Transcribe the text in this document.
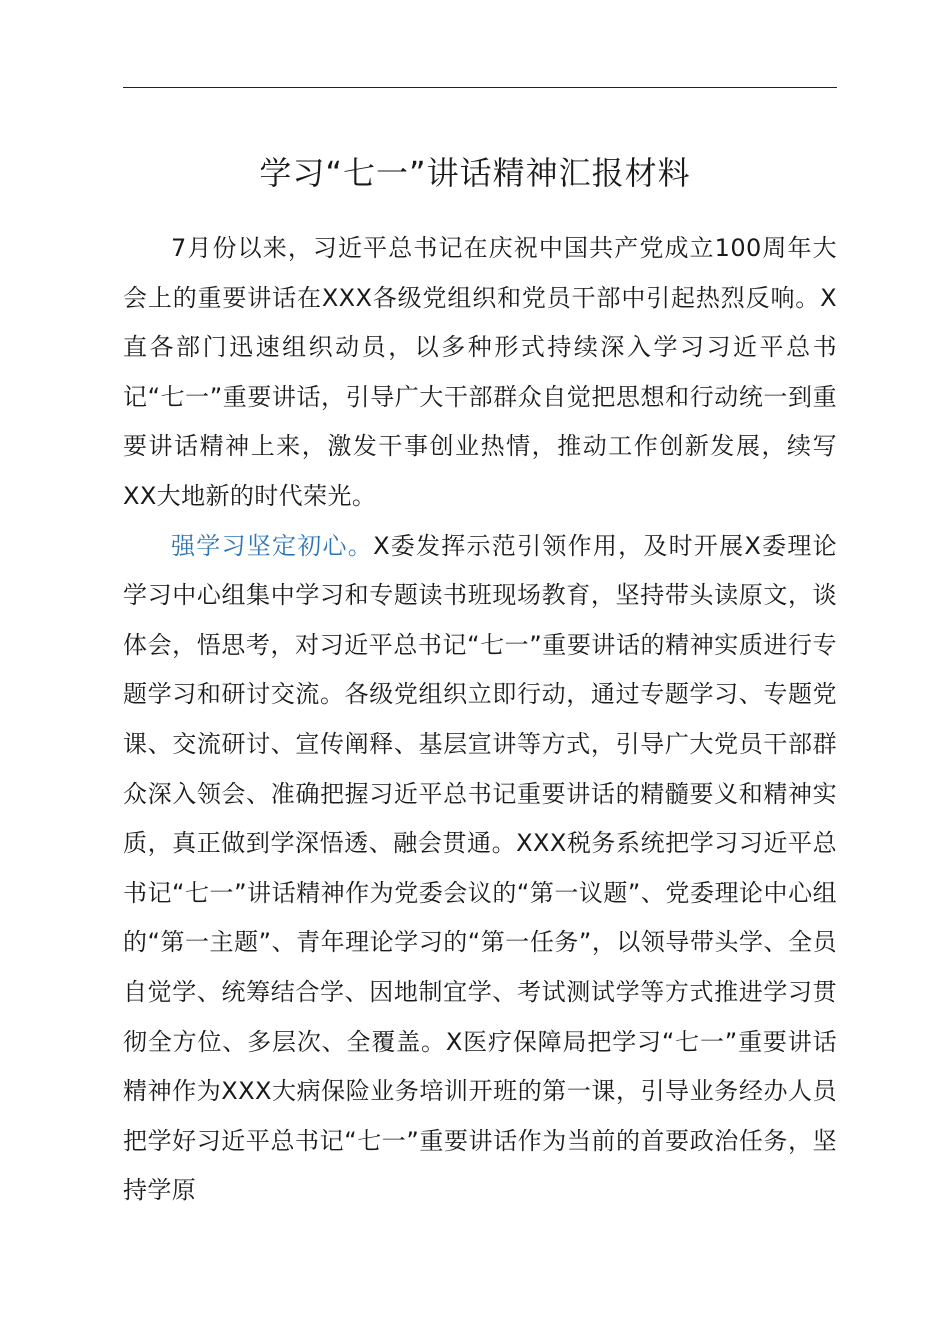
学习“七一”讲话精神汇报材料

7月份以来，习近平总书记在庆祝中国共产党成立100周年大会上的重要讲话在XXX各级党组织和党员干部中引起热烈反响。X直各部门迅速组织动员，以多种形式持续深入学习习近平总书记“七一”重要讲话，引导广大干部群众自觉把思想和行动统一到重要讲话精神上来，激发干事创业热情，推动工作创新发展，续写XX大地新的时代荣光。

强学习坚定初心。X委发挥示范引领作用，及时开展X委理论学习中心组集中学习和专题读书班现场教育，坚持带头读原文，谈体会，悟思考，对习近平总书记“七一”重要讲话的精神实质进行专题学习和研讨交流。各级党组织立即行动，通过专题学习、专题党课、交流研讨、宣传阐释、基层宣讲等方式，引导广大党员干部群众深入领会、准确把握习近平总书记重要讲话的精髓要义和精神实质，真正做到学深悟透、融会贯通。XXX税务系统把学习习近平总书记“七一”讲话精神作为党委会议的“第一议题”、党委理论中心组的“第一主题”、青年理论学习的“第一任务”，以领导带头学、全员自觉学、统筹结合学、因地制宜学、考试测试学等方式推进学习贯彻全方位、多层次、全覆盖。X医疗保障局把学习“七一”重要讲话精神作为XXX大病保险业务培训开班的第一课，引导业务经办人员把学好习近平总书记“七一”重要讲话作为当前的首要政治任务，坚持学原
